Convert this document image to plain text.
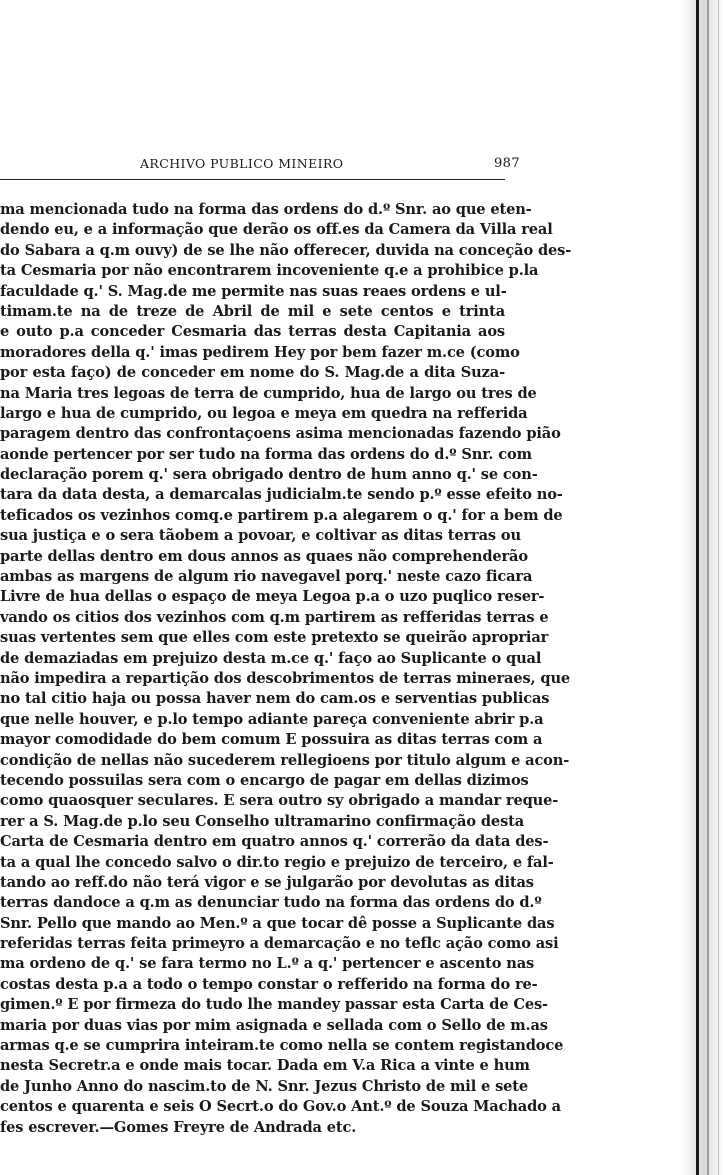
ARCHIVO PUBLICO MINEIRO	987
ma mencionada tudo na forma das ordens do d.º Snr. ao que eten-
dendo eu, e a informação que derão os off.es da Camera da Villa real
do Sabara a q.m ouvy) de se lhe não offerecer, duvida na conceção des-
ta Cesmaria por não encontrarem incoveniente q.e a prohibice p.la
faculdade q.' S. Mag.de me permite nas suas reaes ordens e ul-
timam.te na de treze de Abril de mil e sete centos e trinta
e outo p.a conceder Cesmaria das terras desta Capitania aos
moradores della q.' imas pedirem Hey por bem fazer m.ce (como
por esta faço) de conceder em nome do S. Mag.de a dita Suza-
na Maria tres legoas de terra de cumprido, hua de largo ou tres de
largo e hua de cumprido, ou legoa e meya em quedra na refferida
paragem dentro das confrontaçoens asima mencionadas fazendo pião
aonde pertencer por ser tudo na forma das ordens do d.º Snr. com
declaração porem q.' sera obrigado dentro de hum anno q.' se con-
tara da data desta, a demarcalas judicialm.te sendo p.º esse efeito no-
teficados os vezinhos comq.e partirem p.a alegarem o q.' for a bem de
sua justiça e o sera tãobem a povoar, e coltivar as ditas terras ou
parte dellas dentro em dous annos as quaes não comprehenderão
ambas as margens de algum rio navegavel porq.' neste cazo ficara
Livre de hua dellas o espaço de meya Legoa p.a o uzo puqlico reser-
vando os citios dos vezinhos com q.m partirem as refferidas terras e
suas vertentes sem que elles com este pretexto se queirão apropriar
de demaziadas em prejuizo desta m.ce q.' faço ao Suplicante o qual
não impedira a repartição dos descobrimentos de terras mineraes, que
no tal citio haja ou possa haver nem do cam.os e serventias publicas
que nelle houver, e p.lo tempo adiante pareça conveniente abrir p.a
mayor comodidade do bem comum E possuira as ditas terras com a
condição de nellas não sucederem rellegioens por titulo algum e acon-
tecendo possuilas sera com o encargo de pagar em dellas dizimos
como quaosquer seculares. E sera outro sy obrigado a mandar reque-
rer a S. Mag.de p.lo seu Conselho ultramarino confirmação desta
Carta de Cesmaria dentro em quatro annos q.' correrão da data des-
ta a qual lhe concedo salvo o dir.to regio e prejuizo de terceiro, e fal-
tando ao reff.do não terá vigor e se julgarão por devolutas as ditas
terras dandoce a q.m as denunciar tudo na forma das ordens do d.º
Snr. Pello que mando ao Men.º a que tocar dê posse a Suplicante das
referidas terras feita primeyro a demarcação e no teflc ação como asi
ma ordeno de q.' se fara termo no L.º a q.' pertencer e ascento nas
costas desta p.a a todo o tempo constar o refferido na forma do re-
gimen.º E por firmeza do tudo lhe mandey passar esta Carta de Ces-
maria por duas vias por mim asignada e sellada com o Sello de m.as
armas q.e se cumprira inteiram.te como nella se contem registandoce
nesta Secretr.a e onde mais tocar. Dada em V.a Rica a vinte e hum
de Junho Anno do nascim.to de N. Snr. Jezus Christo de mil e sete
centos e quarenta e seis O Secrt.o do Gov.o Ant.º de Souza Machado a
fes escrever.—Gomes Freyre de Andrada etc.
